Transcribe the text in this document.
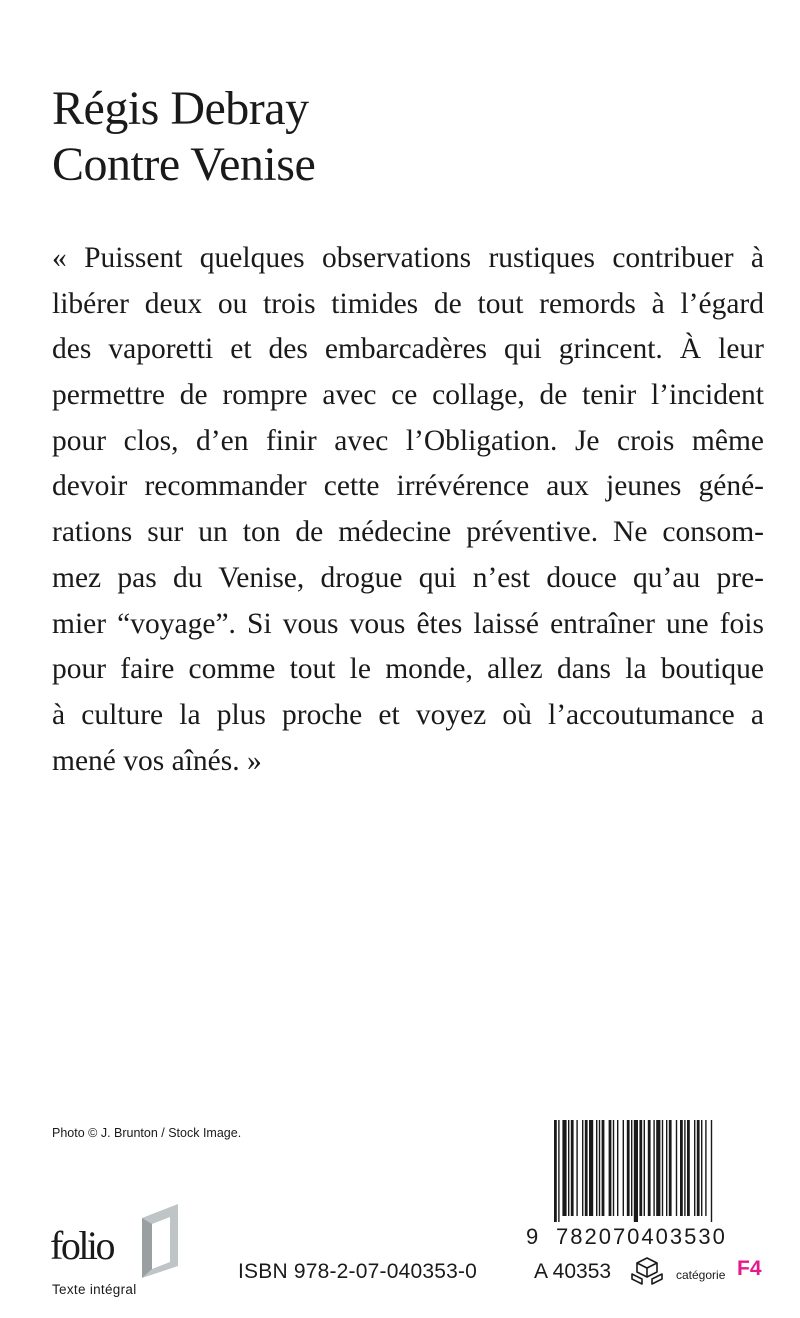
Régis Debray
Contre Venise
« Puissent quelques observations rustiques contribuer à
libérer deux ou trois timides de tout remords à l’égard
des vaporetti et des embarcadères qui grincent. À leur
permettre de rompre avec ce collage, de tenir l’incident
pour clos, d’en finir avec l’Obligation. Je crois même
devoir recommander cette irrévérence aux jeunes géné-
rations sur un ton de médecine préventive. Ne consom-
mez pas du Venise, drogue qui n’est douce qu’au pre-
mier “voyage”. Si vous vous êtes laissé entraîner une fois
pour faire comme tout le monde, allez dans la boutique
à culture la plus proche et voyez où l’accoutumance a
mené vos aînés. »
Photo © J. Brunton / Stock Image.
folio
Texte intégral
ISBN 978-2-07-040353-0
9 782070403530
A 40353	catégorie F4
